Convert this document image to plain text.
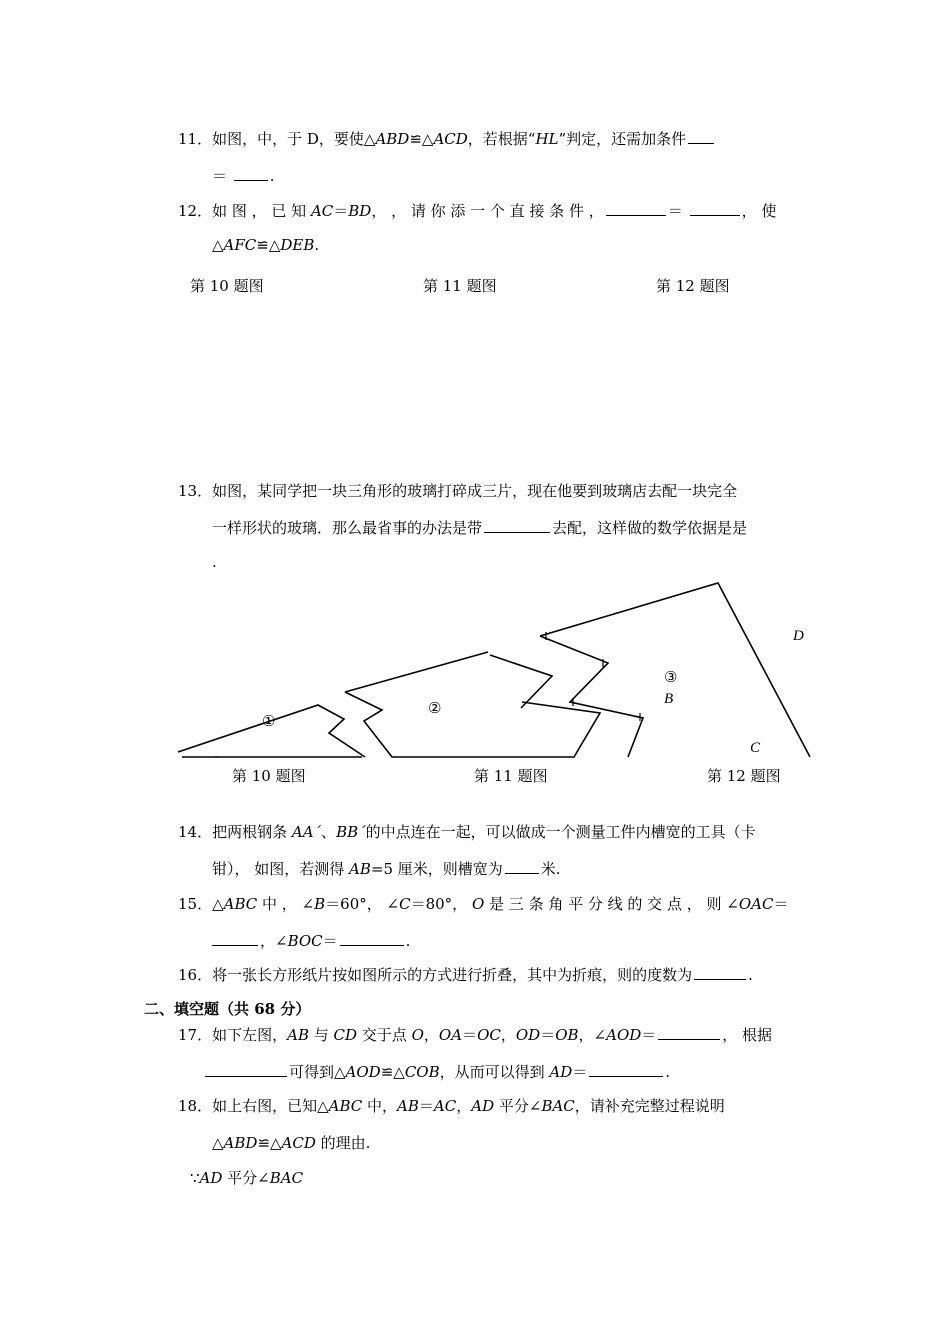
11．如图，中，于 D，要使△ABD≌△ACD，若根据“HL”判定，还需加条件
＝	.
12．如 图 ， 已 知 AC＝BD， ， 请 你 添 一 个 直 接 条 件 ，	＝	， 使
△AFC≌△DEB.
第 10 题图	第 11 题图	第 12 题图
13．如图，某同学把一块三角形的玻璃打碎成三片，现在他要到玻璃店去配一块完全
一样形状的玻璃．那么最省事的办法是带	去配，这样做的数学依据是是
.
①
②
③
B
C
D
第 10 题图	第 11 题图	第 12 题图
14．把两根钢条 AA´、BB´的中点连在一起，可以做成一个测量工件内槽宽的工具（卡
钳）， 如图，若测得 AB=5 厘米，则槽宽为	米.
15．△ABC 中 ， ∠B＝60°， ∠C＝80°， O 是 三 条 角 平 分 线 的 交 点 ， 则 ∠OAC＝
，∠BOC＝	.
16．将一张长方形纸片按如图所示的方式进行折叠，其中为折痕，则的度数为	.
二、填空题（共 68 分）
17．如下左图，AB 与 CD 交于点 O，OA＝OC，OD＝OB，∠AOD＝	， 根据
可得到△AOD≌△COB，从而可以得到 AD＝	.
18．如上右图，已知△ABC 中，AB＝AC，AD 平分∠BAC，请补充完整过程说明
△ABD≌△ACD 的理由.
∵AD 平分∠BAC
